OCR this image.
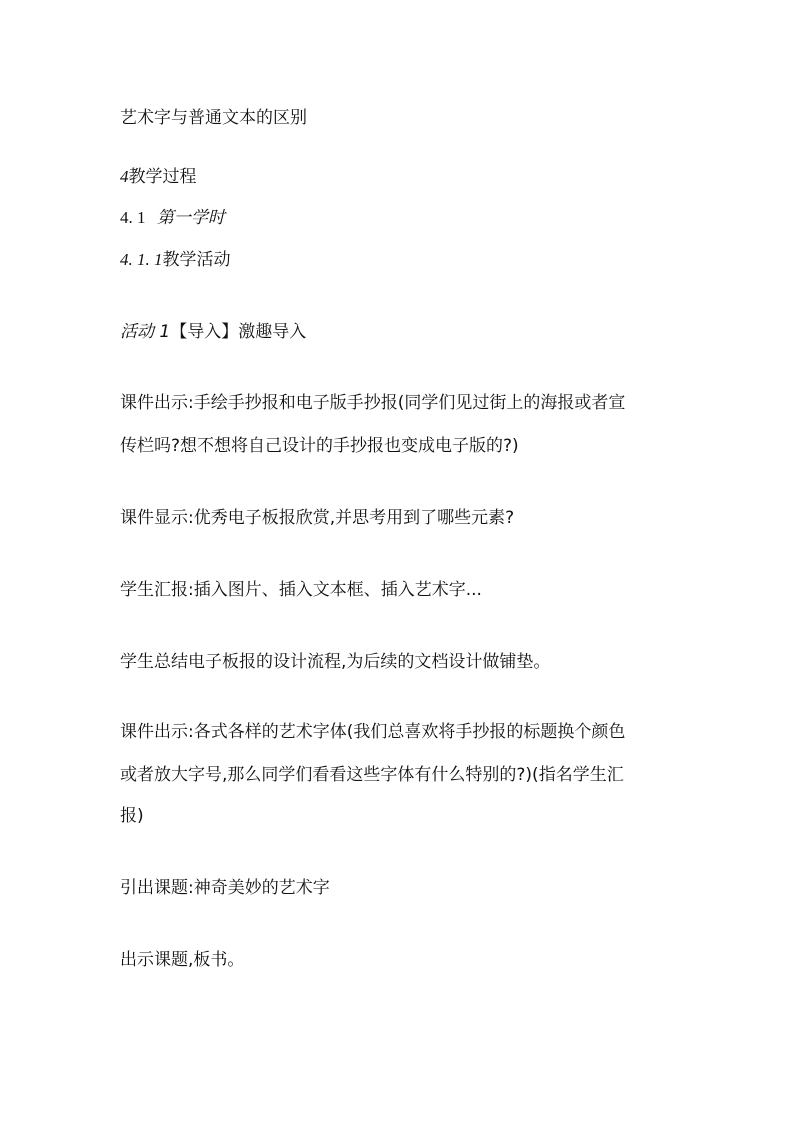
艺术字与普通文本的区别
4教学过程
4. 1 第一学时
4. 1. 1教学活动
活动 1【导入】激趣导入
课件出示:手绘手抄报和电子版手抄报(同学们见过街上的海报或者宣
传栏吗?想不想将自己设计的手抄报也变成电子版的?)
课件显示:优秀电子板报欣赏,并思考用到了哪些元素?
学生汇报:插入图片、插入文本框、插入艺术字...
学生总结电子板报的设计流程,为后续的文档设计做铺垫。
课件出示:各式各样的艺术字体(我们总喜欢将手抄报的标题换个颜色
或者放大字号,那么同学们看看这些字体有什么特别的?)(指名学生汇
报)
引出课题:神奇美妙的艺术字
出示课题,板书。
